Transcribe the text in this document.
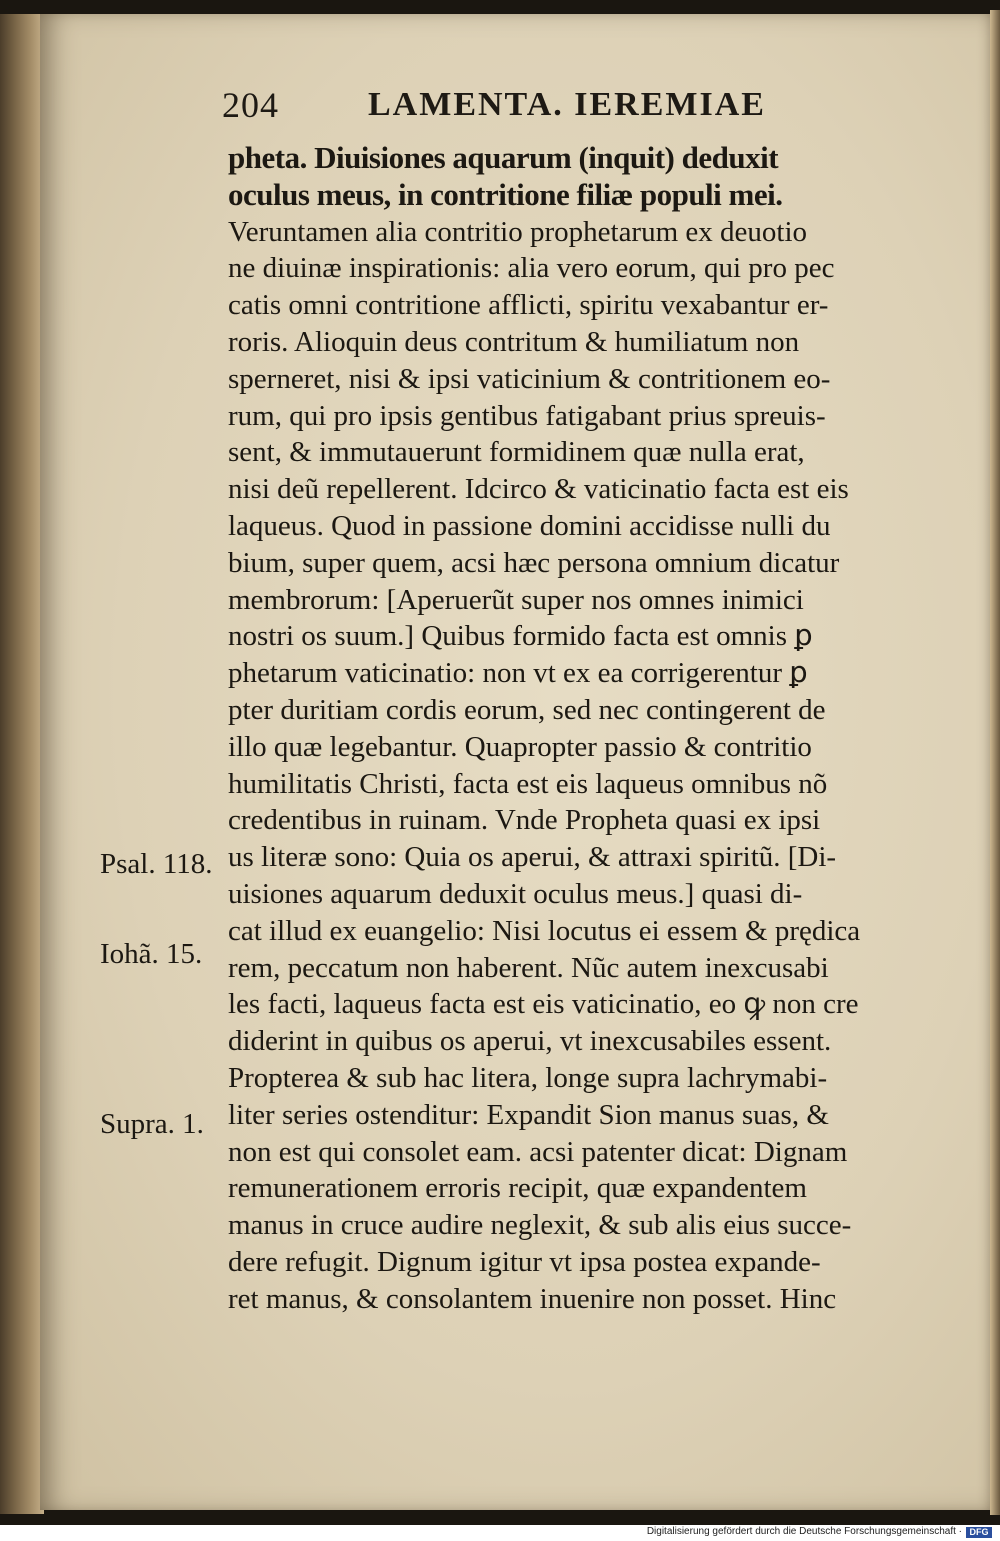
204	LAMENTA. IEREMIAE
pheta. Diuisiones aquarum (inquit) deduxit
oculus meus, in contritione filiæ populi mei.
Veruntamen alia contritio prophetarum ex deuotio
ne diuinæ inspirationis: alia vero eorum, qui pro pec
catis omni contritione afflicti, spiritu vexabantur er-
roris. Alioquin deus contritum & humiliatum non
sperneret, nisi & ipsi vaticinium & contritionem eo-
rum, qui pro ipsis gentibus fatigabant prius spreuis-
sent, & immutauerunt formidinem quæ nulla erat,
nisi deũ repellerent. Idcirco & vaticinatio facta est eis
laqueus. Quod in passione domini accidisse nulli du
bium, super quem, acsi hæc persona omnium dicatur
membrorum: [Aperuerũt super nos omnes inimici
nostri os suum.] Quibus formido facta est omnis ꝑ
phetarum vaticinatio: non vt ex ea corrigerentur ꝑ
pter duritiam cordis eorum, sed nec contingerent de
illo quæ legebantur. Quapropter passio & contritio
humilitatis Christi, facta est eis laqueus omnibus nõ
credentibus in ruinam. Vnde Propheta quasi ex ipsi
us literæ sono: Quia os aperui, & attraxi spiritũ. [Di-
uisiones aquarum deduxit oculus meus.] quasi di-
cat illud ex euangelio: Nisi locutus ei essem & prędica
rem, peccatum non haberent. Nũc autem inexcusabi
les facti, laqueus facta est eis vaticinatio, eo ꝙ non cre
diderint in quibus os aperui, vt inexcusabiles essent.
Propterea & sub hac litera, longe supra lachrymabi-
liter series ostenditur: Expandit Sion manus suas, &
non est qui consolet eam. acsi patenter dicat: Dignam
remunerationem erroris recipit, quæ expandentem
manus in cruce audire neglexit, & sub alis eius succe-
dere refugit. Dignum igitur vt ipsa postea expande-
ret manus, & consolantem inuenire non posset. Hinc
Psal. 118.
Iohã. 15.
Supra. 1.
Digitalisierung gefördert durch die Deutsche Forschungsgemeinschaft · DFG
